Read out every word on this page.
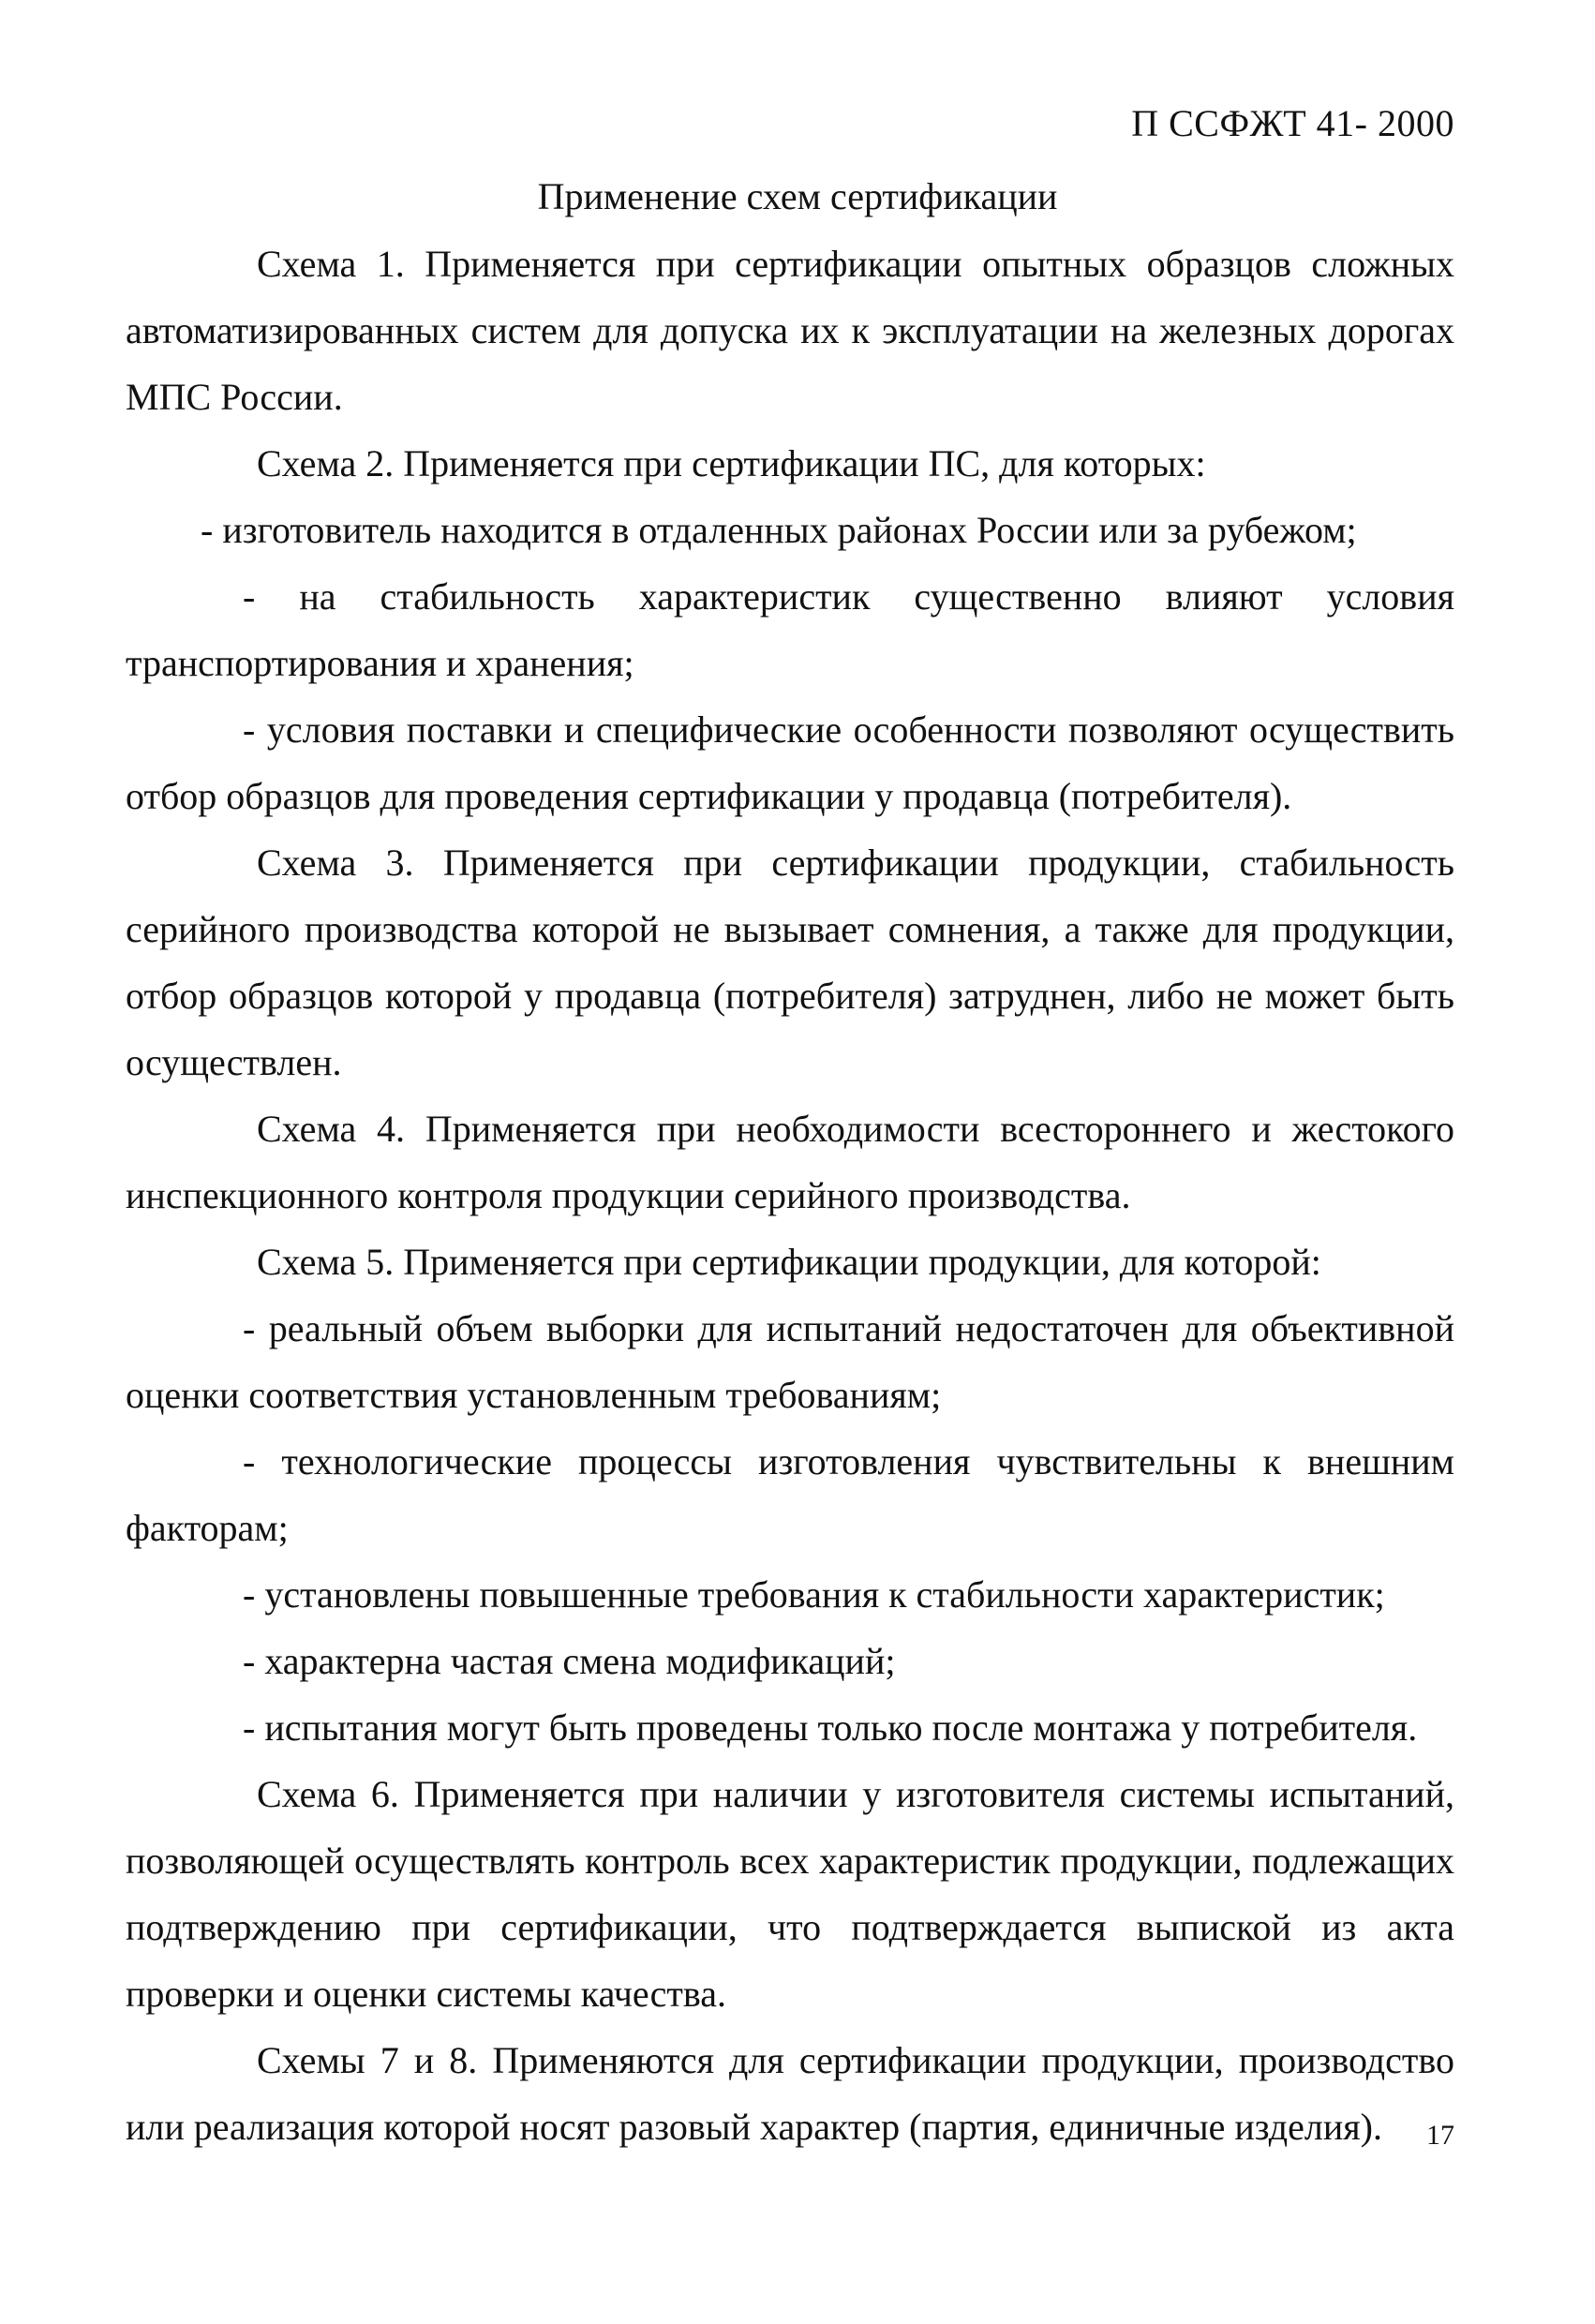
П ССФЖТ 41- 2000
Применение схем сертификации

Схема 1. Применяется при сертификации опытных образцов сложных автоматизированных систем для допуска их к эксплуатации на железных дорогах МПС России.

Схема 2. Применяется при сертификации ПС, для которых:

- изготовитель находится в отдаленных районах России или за рубежом;

- на стабильность характеристик существенно влияют условия транспортирования и хранения;

- условия поставки и специфические особенности позволяют осуществить отбор образцов для проведения сертификации у продавца (потребителя).

Схема 3. Применяется при сертификации продукции, стабильность серийного производства которой не вызывает сомнения, а также для продукции, отбор образцов которой у продавца (потребителя) затруднен, либо не может быть осуществлен.

Схема 4. Применяется при необходимости всестороннего и жестокого инспекционного контроля продукции серийного производства.

Схема 5. Применяется при сертификации продукции, для которой:

- реальный объем выборки для испытаний недостаточен для объективной оценки соответствия установленным требованиям;

- технологические процессы изготовления чувствительны к внешним факторам;

- установлены повышенные требования к стабильности характеристик;

- характерна частая смена модификаций;

- испытания могут быть проведены только после монтажа у потребителя.

Схема 6. Применяется при наличии у изготовителя системы испытаний, позволяющей осуществлять контроль всех характеристик продукции, подлежащих подтверждению при сертификации, что подтверждается выпиской из акта проверки и оценки системы качества.

Схемы 7 и 8. Применяются для сертификации продукции, производство или реализация которой носят разовый характер (партия, единичные изделия).	17
